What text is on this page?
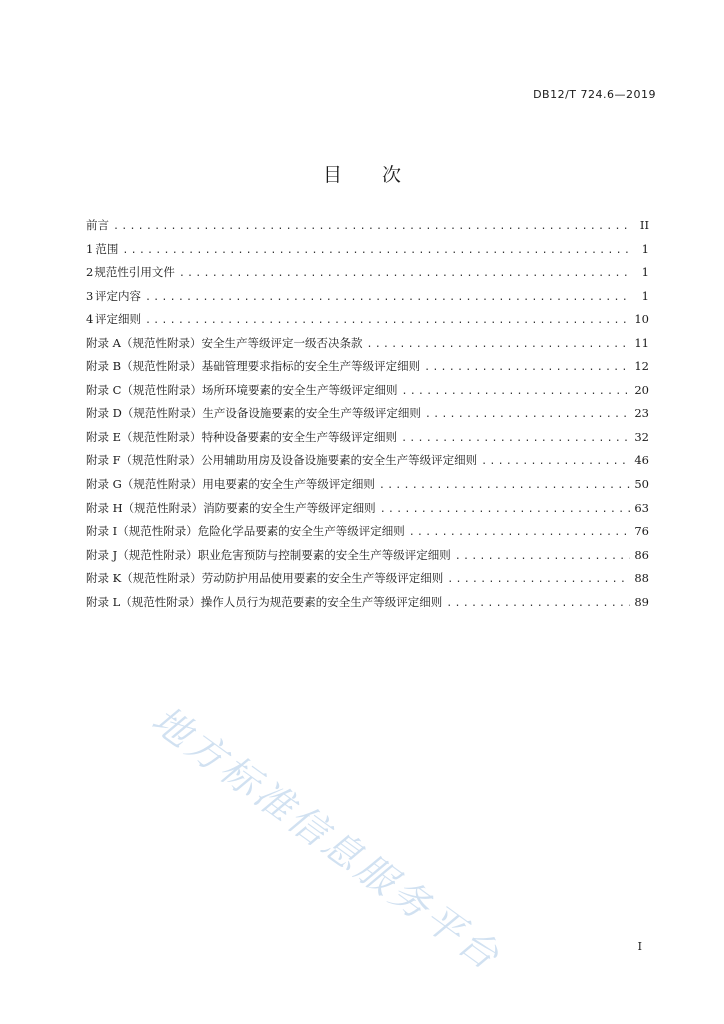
DB12/T 724.6—2019
目 次
前言 .....	II
1 范围 .....	1
2 规范性引用文件 .....	1
3 评定内容 .....	1
4 评定细则 .....	10
附录 A（规范性附录） 安全生产等级评定一级否决条款 .....	11
附录 B（规范性附录） 基础管理要求指标的安全生产等级评定细则 .....	12
附录 C（规范性附录） 场所环境要素的安全生产等级评定细则 .....	20
附录 D（规范性附录） 生产设备设施要素的安全生产等级评定细则 .....	23
附录 E（规范性附录） 特种设备要素的安全生产等级评定细则 .....	32
附录 F（规范性附录） 公用辅助用房及设备设施要素的安全生产等级评定细则 .....	46
附录 G（规范性附录） 用电要素的安全生产等级评定细则 .....	50
附录 H（规范性附录） 消防要素的安全生产等级评定细则 .....	63
附录 I（规范性附录） 危险化学品要素的安全生产等级评定细则 .....	76
附录 J（规范性附录） 职业危害预防与控制要素的安全生产等级评定细则 .....	86
附录 K（规范性附录） 劳动防护用品使用要素的安全生产等级评定细则 .....	88
附录 L（规范性附录） 操作人员行为规范要素的安全生产等级评定细则 .....	89
地方标准信息服务平台	I
